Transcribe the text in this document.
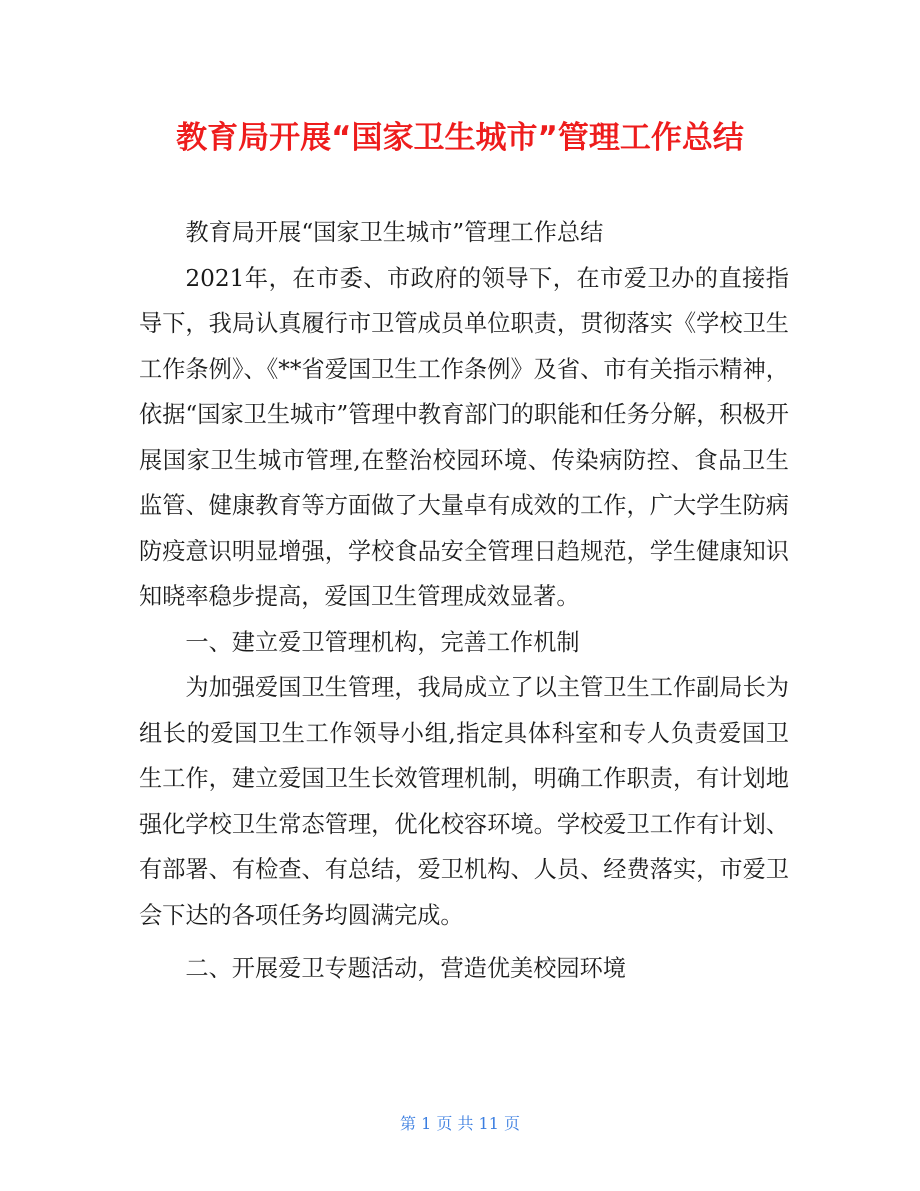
教育局开展“国家卫生城市”管理工作总结

教育局开展“国家卫生城市”管理工作总结

2021年，在市委、市政府的领导下，在市爱卫办的直接指导下，我局认真履行市卫管成员单位职责，贯彻落实《学校卫生工作条例》、《**省爱国卫生工作条例》及省、市有关指示精神，依据“国家卫生城市”管理中教育部门的职能和任务分解，积极开展国家卫生城市管理,在整治校园环境、传染病防控、食品卫生监管、健康教育等方面做了大量卓有成效的工作，广大学生防病防疫意识明显增强，学校食品安全管理日趋规范，学生健康知识知晓率稳步提高，爱国卫生管理成效显著。

一、建立爱卫管理机构，完善工作机制

为加强爱国卫生管理，我局成立了以主管卫生工作副局长为组长的爱国卫生工作领导小组,指定具体科室和专人负责爱国卫生工作，建立爱国卫生长效管理机制，明确工作职责，有计划地强化学校卫生常态管理，优化校容环境。学校爱卫工作有计划、有部署、有检查、有总结，爱卫机构、人员、经费落实，市爱卫会下达的各项任务均圆满完成。

二、开展爱卫专题活动，营造优美校园环境

第 1 页 共 11 页
